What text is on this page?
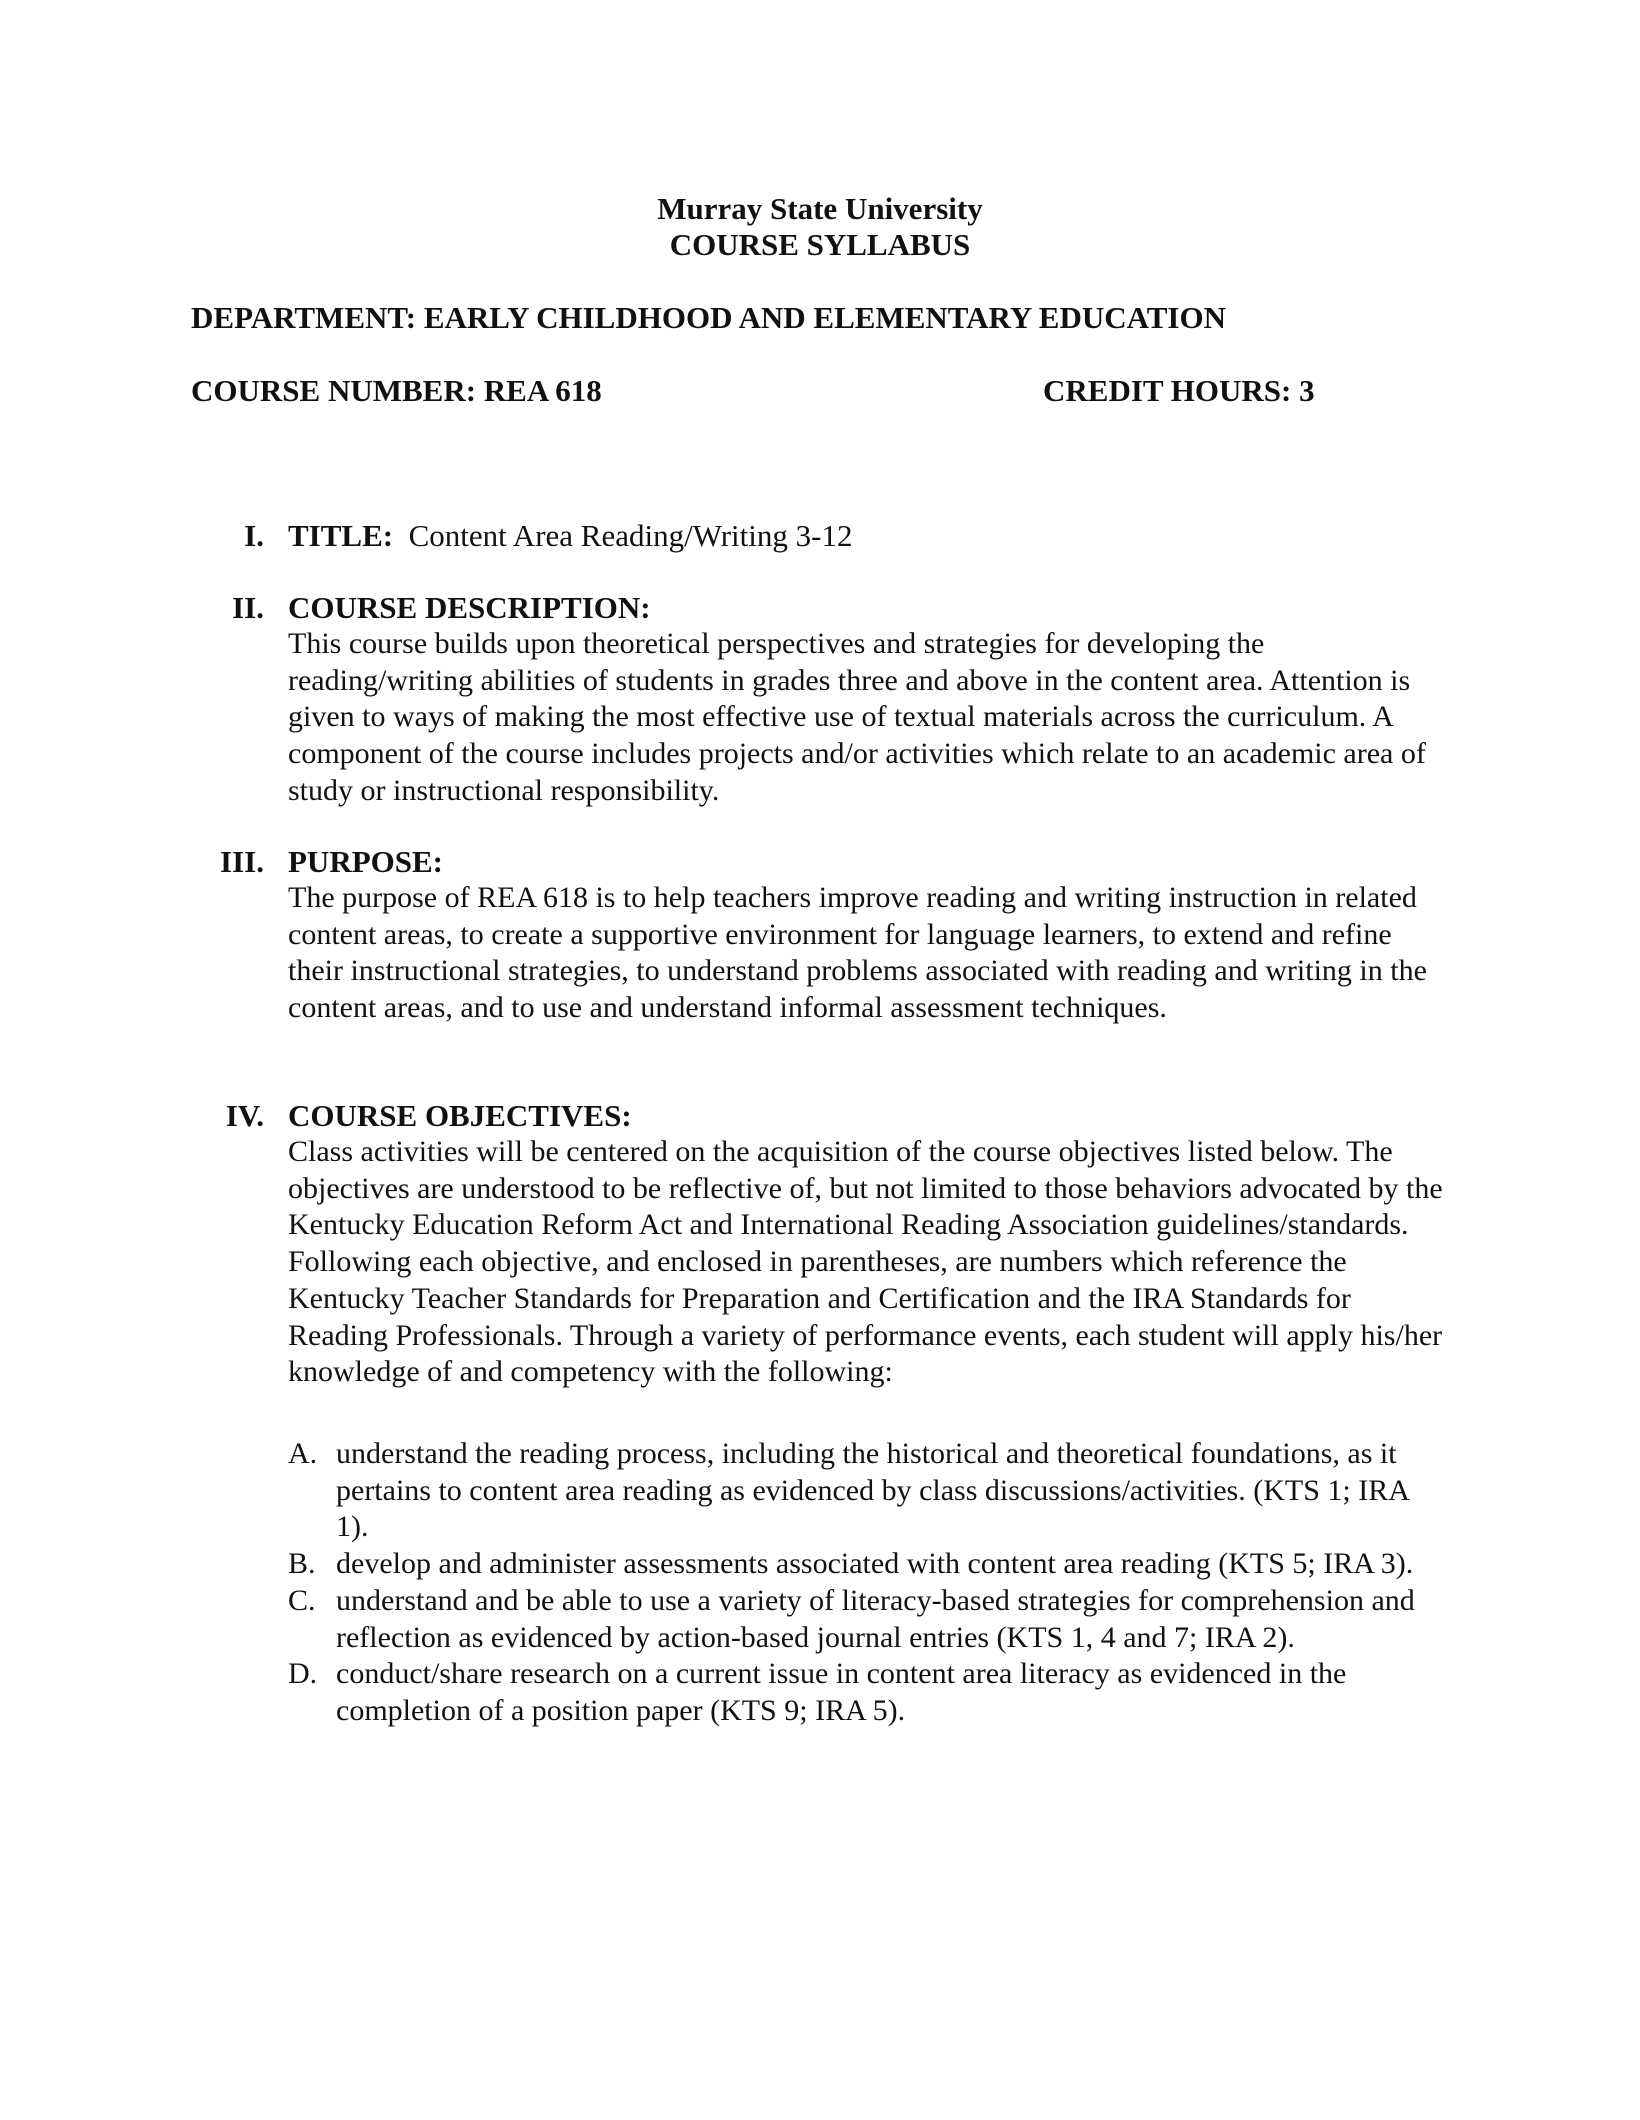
Murray State University
COURSE SYLLABUS
DEPARTMENT: EARLY CHILDHOOD AND ELEMENTARY EDUCATION
COURSE NUMBER: REA 618	CREDIT HOURS: 3
I. TITLE: Content Area Reading/Writing 3-12
II. COURSE DESCRIPTION:

This course builds upon theoretical perspectives and strategies for developing the reading/writing abilities of students in grades three and above in the content area. Attention is given to ways of making the most effective use of textual materials across the curriculum. A component of the course includes projects and/or activities which relate to an academic area of study or instructional responsibility.

III. PURPOSE:

The purpose of REA 618 is to help teachers improve reading and writing instruction in related content areas, to create a supportive environment for language learners, to extend and refine their instructional strategies, to understand problems associated with reading and writing in the content areas, and to use and understand informal assessment techniques.

IV. COURSE OBJECTIVES:

Class activities will be centered on the acquisition of the course objectives listed below. The objectives are understood to be reflective of, but not limited to those behaviors advocated by the Kentucky Education Reform Act and International Reading Association guidelines/standards. Following each objective, and enclosed in parentheses, are numbers which reference the Kentucky Teacher Standards for Preparation and Certification and the IRA Standards for Reading Professionals. Through a variety of performance events, each student will apply his/her knowledge of and competency with the following:

A. understand the reading process, including the historical and theoretical foundations, as it pertains to content area reading as evidenced by class discussions/activities. (KTS 1; IRA 1).
B. develop and administer assessments associated with content area reading (KTS 5; IRA 3).
C. understand and be able to use a variety of literacy-based strategies for comprehension and reflection as evidenced by action-based journal entries (KTS 1, 4 and 7; IRA 2).
D. conduct/share research on a current issue in content area literacy as evidenced in the completion of a position paper (KTS 9; IRA 5).
